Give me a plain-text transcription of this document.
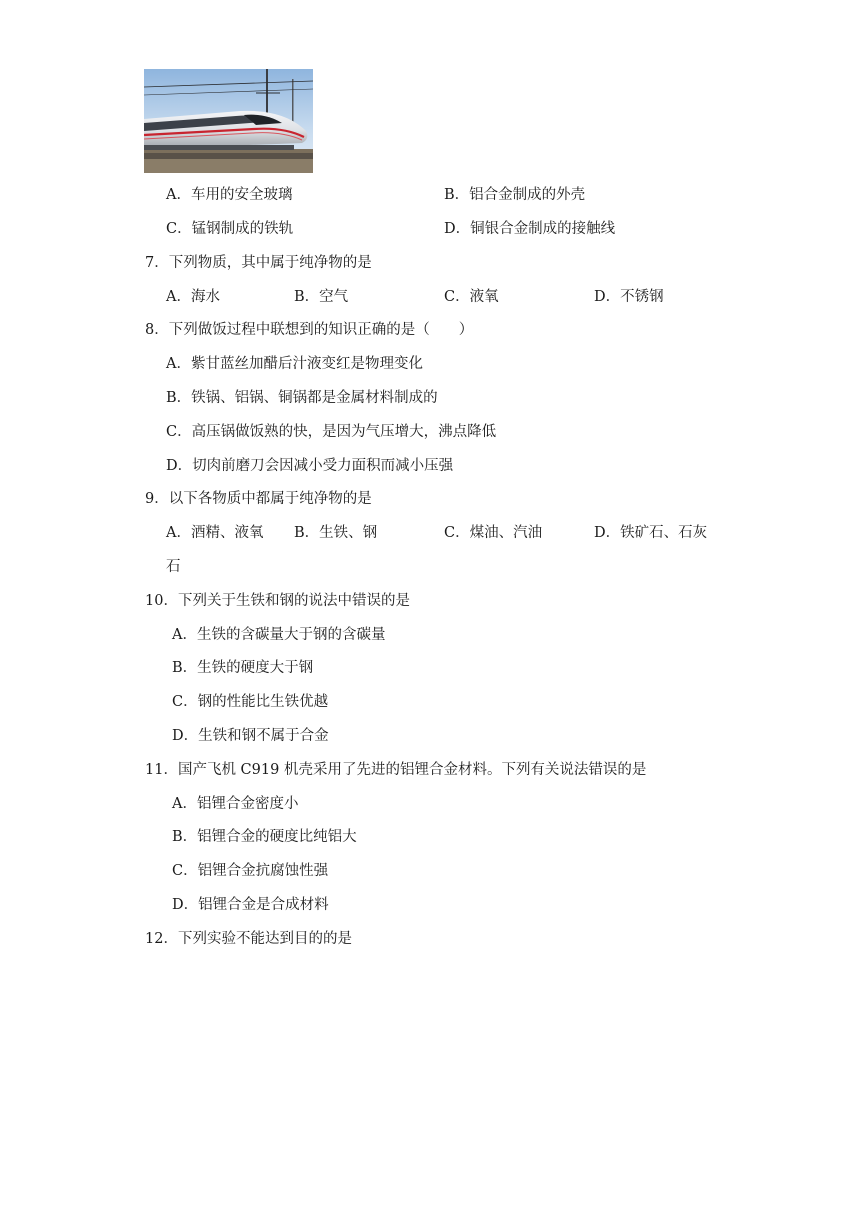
A．车用的安全玻璃	B．铝合金制成的外壳
C．锰钢制成的铁轨	D．铜银合金制成的接触线
7．下列物质，其中属于纯净物的是
A．海水	B．空气	C．液氧	D．不锈钢
8．下列做饭过程中联想到的知识正确的是（　　）
A．紫甘蓝丝加醋后汁液变红是物理变化
B．铁锅、铝锅、铜锅都是金属材料制成的
C．高压锅做饭熟的快，是因为气压增大，沸点降低
D．切肉前磨刀会因减小受力面积而减小压强
9．以下各物质中都属于纯净物的是
A．酒精、液氧 B．生铁、钢	C．煤油、汽油	D．铁矿石、石灰
石
10．下列关于生铁和钢的说法中错误的是
A．生铁的含碳量大于钢的含碳量
B．生铁的硬度大于钢
C．钢的性能比生铁优越
D．生铁和钢不属于合金
11．国产飞机 C919 机壳采用了先进的铝锂合金材料。下列有关说法错误的是
A．铝锂合金密度小
B．铝锂合金的硬度比纯铝大
C．铝锂合金抗腐蚀性强
D．铝锂合金是合成材料
12．下列实验不能达到目的的是
